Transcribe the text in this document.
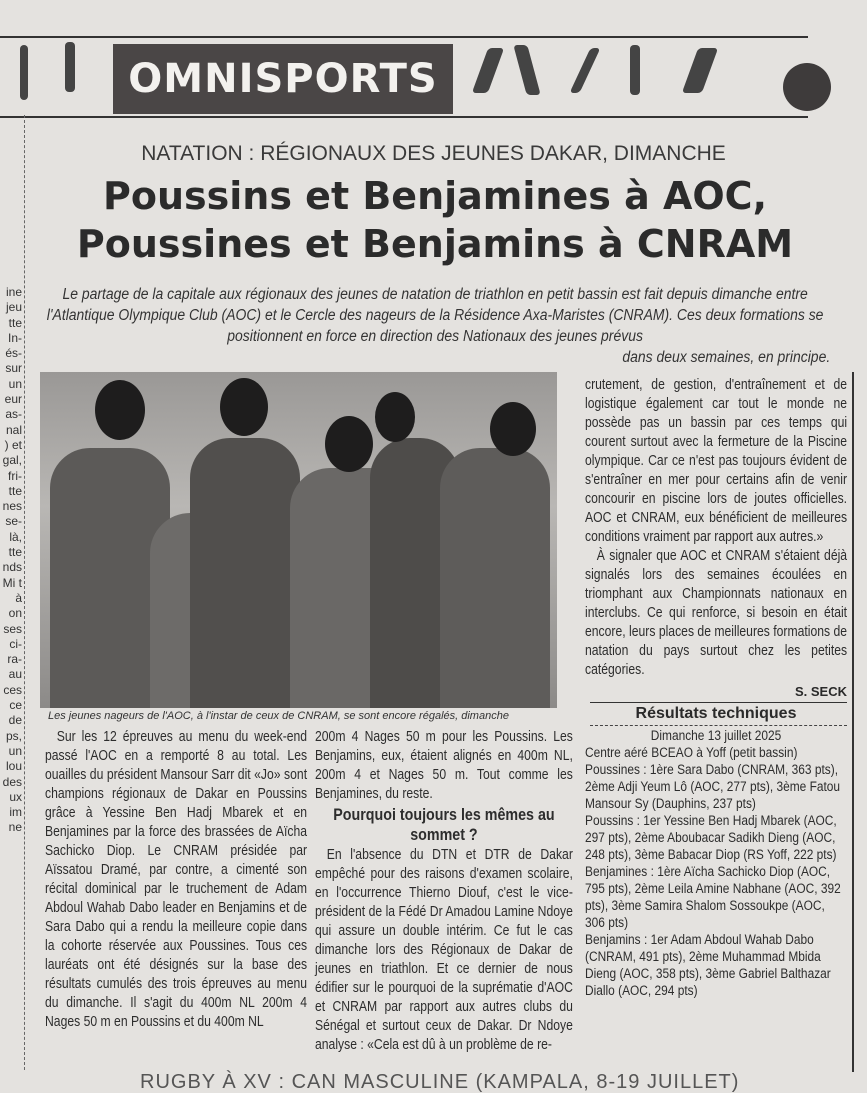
OMNISPORTS
ine jeu tte In- és- sur un eur as- nal ) et gal, fri- tte nes se- là, tte nds Mi t à on ses ci- ra- au ces ce de ps, un lou des ux im ne
NATATION : RÉGIONAUX DES JEUNES DAKAR, DIMANCHE
Poussins et Benjamines à AOC,
Poussines et Benjamins à CNRAM
Le partage de la capitale aux régionaux des jeunes de natation de triathlon en petit bassin est fait depuis dimanche entre l'Atlantique Olympique Club (AOC) et le Cercle des nageurs de la Résidence Axa-Maristes (CNRAM). Ces deux formations se positionnent en force en direction des Nationaux des jeunes prévus
dans deux semaines, en principe.
Les jeunes nageurs de l'AOC, à l'instar de ceux de CNRAM, se sont encore régalés, dimanche

crutement, de gestion, d'entraînement et de logistique également car tout le monde ne possède pas un bassin par ces temps qui courent surtout avec la fermeture de la Piscine olympique. Car ce n'est pas toujours évident de s'entraîner en mer pour certains afin de venir concourir en piscine lors de joutes officielles. AOC et CNRAM, eux bénéficient de meilleures conditions vraiment par rapport aux autres.»

À signaler que AOC et CNRAM s'étaient déjà signalés lors des semaines écoulées en triomphant aux Championnats nationaux en interclubs. Ce qui renforce, si besoin en était encore, leurs places de meilleures formations de natation du pays surtout chez les petites catégories.

S. SECK
Résultats techniques
Dimanche 13 juillet 2025
Centre aéré BCEAO à Yoff (petit bassin)
Poussines : 1ère Sara Dabo (CNRAM, 363 pts), 2ème Adji Yeum Lô (AOC, 277 pts), 3ème Fatou Mansour Sy (Dauphins, 237 pts)
Poussins : 1er Yessine Ben Hadj Mbarek (AOC, 297 pts), 2ème Aboubacar Sadikh Dieng (AOC, 248 pts), 3ème Babacar Diop (RS Yoff, 222 pts)
Benjamines : 1ère Aïcha Sachicko Diop (AOC, 795 pts), 2ème Leila Amine Nabhane (AOC, 392 pts), 3ème Samira Shalom Sossoukpe (AOC, 306 pts)
Benjamins : 1er Adam Abdoul Wahab Dabo (CNRAM, 491 pts), 2ème Muhammad Mbida Dieng (AOC, 358 pts), 3ème Gabriel Balthazar Diallo (AOC, 294 pts)

Sur les 12 épreuves au menu du week-end passé l'AOC en a remporté 8 au total. Les ouailles du président Mansour Sarr dit «Jo» sont champions régionaux de Dakar en Poussins grâce à Yessine Ben Hadj Mbarek et en Benjamines par la force des brassées de Aïcha Sachicko Diop. Le CNRAM présidée par Aïssatou Dramé, par contre, a cimenté son récital dominical par le truchement de Adam Abdoul Wahab Dabo leader en Benjamins et de Sara Dabo qui a rendu la meilleure copie dans la cohorte réservée aux Poussines. Tous ces lauréats ont été désignés sur la base des résultats cumulés des trois épreuves au menu du dimanche. Il s'agit du 400m NL 200m 4 Nages 50 m en Poussins et du 400m NL

200m 4 Nages 50 m pour les Poussins. Les Benjamins, eux, étaient alignés en 400m NL, 200m 4 et Nages 50 m. Tout comme les Benjamines, du reste.

Pourquoi toujours les mêmes au sommet ?

En l'absence du DTN et DTR de Dakar empêché pour des raisons d'examen scolaire, en l'occurrence Thierno Diouf, c'est le vice-président de la Fédé Dr Amadou Lamine Ndoye qui assure un double intérim. Ce fut le cas dimanche lors des Régionaux de Dakar de jeunes en triathlon. Et ce dernier de nous édifier sur le pourquoi de la suprématie d'AOC et CNRAM par rapport aux autres clubs du Sénégal et surtout ceux de Dakar. Dr Ndoye analyse : «Cela est dû à un problème de re-

RUGBY À XV : CAN MASCULINE (KAMPALA, 8-19 JUILLET)
